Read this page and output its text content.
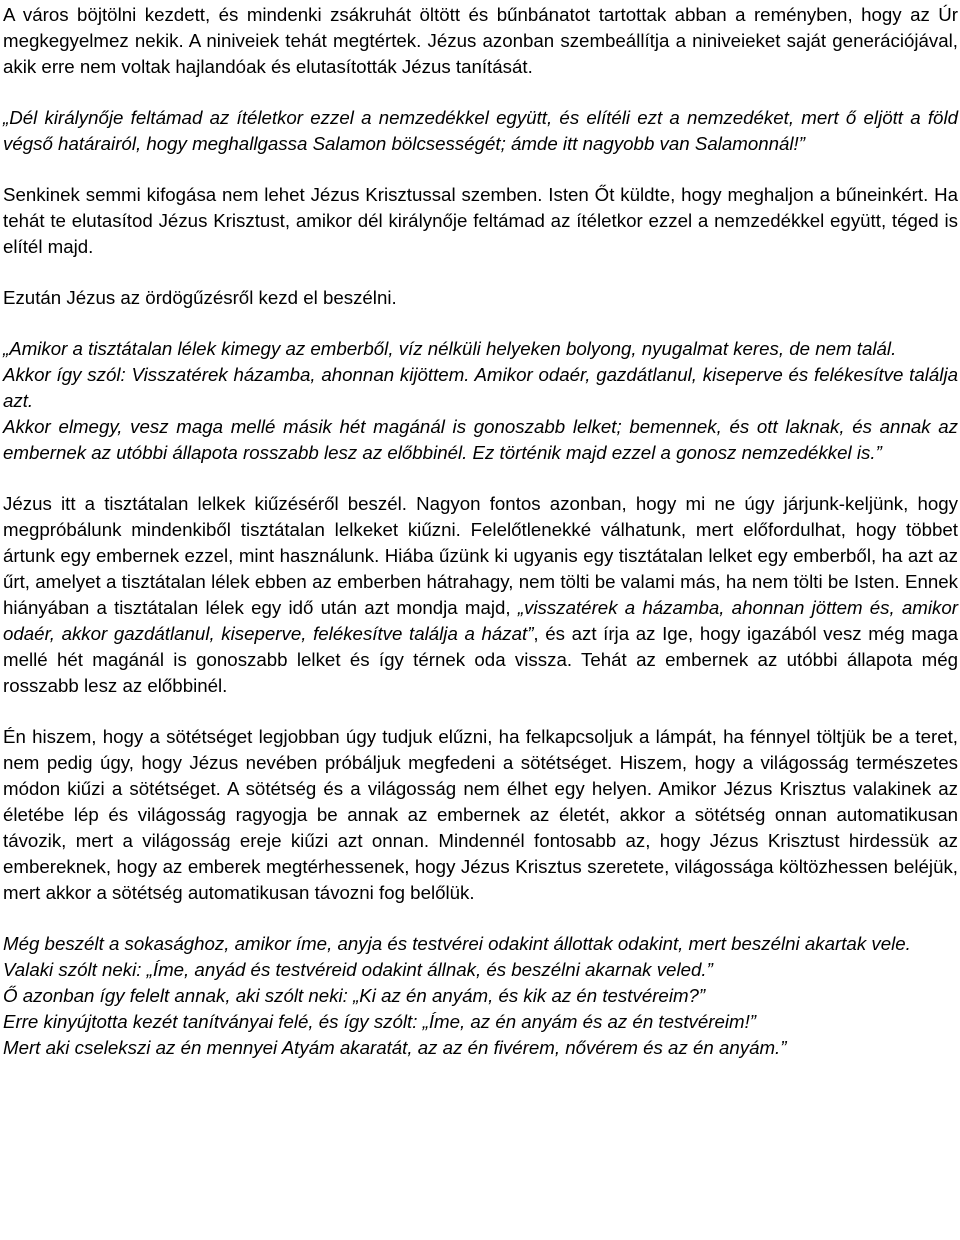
A város böjtölni kezdett, és mindenki zsákruhát öltött és bűnbánatot tartottak abban a reményben, hogy az Úr megkegyelmez nekik. A niniveiek tehát megtértek. Jézus azonban szembeállítja a niniveieket saját generációjával, akik erre nem voltak hajlandóak és elutasították Jézus tanítását.

„Dél királynője feltámad az ítéletkor ezzel a nemzedékkel együtt, és elítéli ezt a nemzedéket, mert ő eljött a föld végső határairól, hogy meghallgassa Salamon bölcsességét; ámde itt nagyobb van Salamonnál!”

Senkinek semmi kifogása nem lehet Jézus Krisztussal szemben. Isten Őt küldte, hogy meghaljon a bűneinkért. Ha tehát te elutasítod Jézus Krisztust, amikor dél királynője feltámad az ítéletkor ezzel a nemzedékkel együtt, téged is elítél majd.

Ezután Jézus az ördögűzésről kezd el beszélni.

„Amikor a tisztátalan lélek kimegy az emberből, víz nélküli helyeken bolyong, nyugalmat keres, de nem talál.

Akkor így szól: Visszatérek házamba, ahonnan kijöttem. Amikor odaér, gazdátlanul, kiseperve és felékesítve találja azt.

Akkor elmegy, vesz maga mellé másik hét magánál is gonoszabb lelket; bemennek, és ott laknak, és annak az embernek az utóbbi állapota rosszabb lesz az előbbinél. Ez történik majd ezzel a gonosz nemzedékkel is.”

Jézus itt a tisztátalan lelkek kiűzéséről beszél. Nagyon fontos azonban, hogy mi ne úgy járjunk-keljünk, hogy megpróbálunk mindenkiből tisztátalan lelkeket kiűzni. Felelőtlenekké válhatunk, mert előfordulhat, hogy többet ártunk egy embernek ezzel, mint használunk. Hiába űzünk ki ugyanis egy tisztátalan lelket egy emberből, ha azt az űrt, amelyet a tisztátalan lélek ebben az emberben hátrahagy, nem tölti be valami más, ha nem tölti be Isten. Ennek hiányában a tisztátalan lélek egy idő után azt mondja majd, „visszatérek a házamba, ahonnan jöttem és, amikor odaér, akkor gazdátlanul, kiseperve, felékesítve találja a házat”, és azt írja az Ige, hogy igazából vesz még maga mellé hét magánál is gonoszabb lelket és így térnek oda vissza. Tehát az embernek az utóbbi állapota még rosszabb lesz az előbbinél.

Én hiszem, hogy a sötétséget legjobban úgy tudjuk elűzni, ha felkapcsoljuk a lámpát, ha fénnyel töltjük be a teret, nem pedig úgy, hogy Jézus nevében próbáljuk megfedeni a sötétséget. Hiszem, hogy a világosság természetes módon kiűzi a sötétséget. A sötétség és a világosság nem élhet egy helyen. Amikor Jézus Krisztus valakinek az életébe lép és világosság ragyogja be annak az embernek az életét, akkor a sötétség onnan automatikusan távozik, mert a világosság ereje kiűzi azt onnan. Mindennél fontosabb az, hogy Jézus Krisztust hirdessük az embereknek, hogy az emberek megtérhessenek, hogy Jézus Krisztus szeretete, világossága költözhessen beléjük, mert akkor a sötétség automatikusan távozni fog belőlük.

Még beszélt a sokasághoz, amikor íme, anyja és testvérei odakint állottak odakint, mert beszélni akartak vele.

Valaki szólt neki: „Íme, anyád és testvéreid odakint állnak, és beszélni akarnak veled.”

Ő azonban így felelt annak, aki szólt neki: „Ki az én anyám, és kik az én testvéreim?”

Erre kinyújtotta kezét tanítványai felé, és így szólt: „Íme, az én anyám és az én testvéreim!”

Mert aki cselekszi az én mennyei Atyám akaratát, az az én fivérem, nővérem és az én anyám.”
